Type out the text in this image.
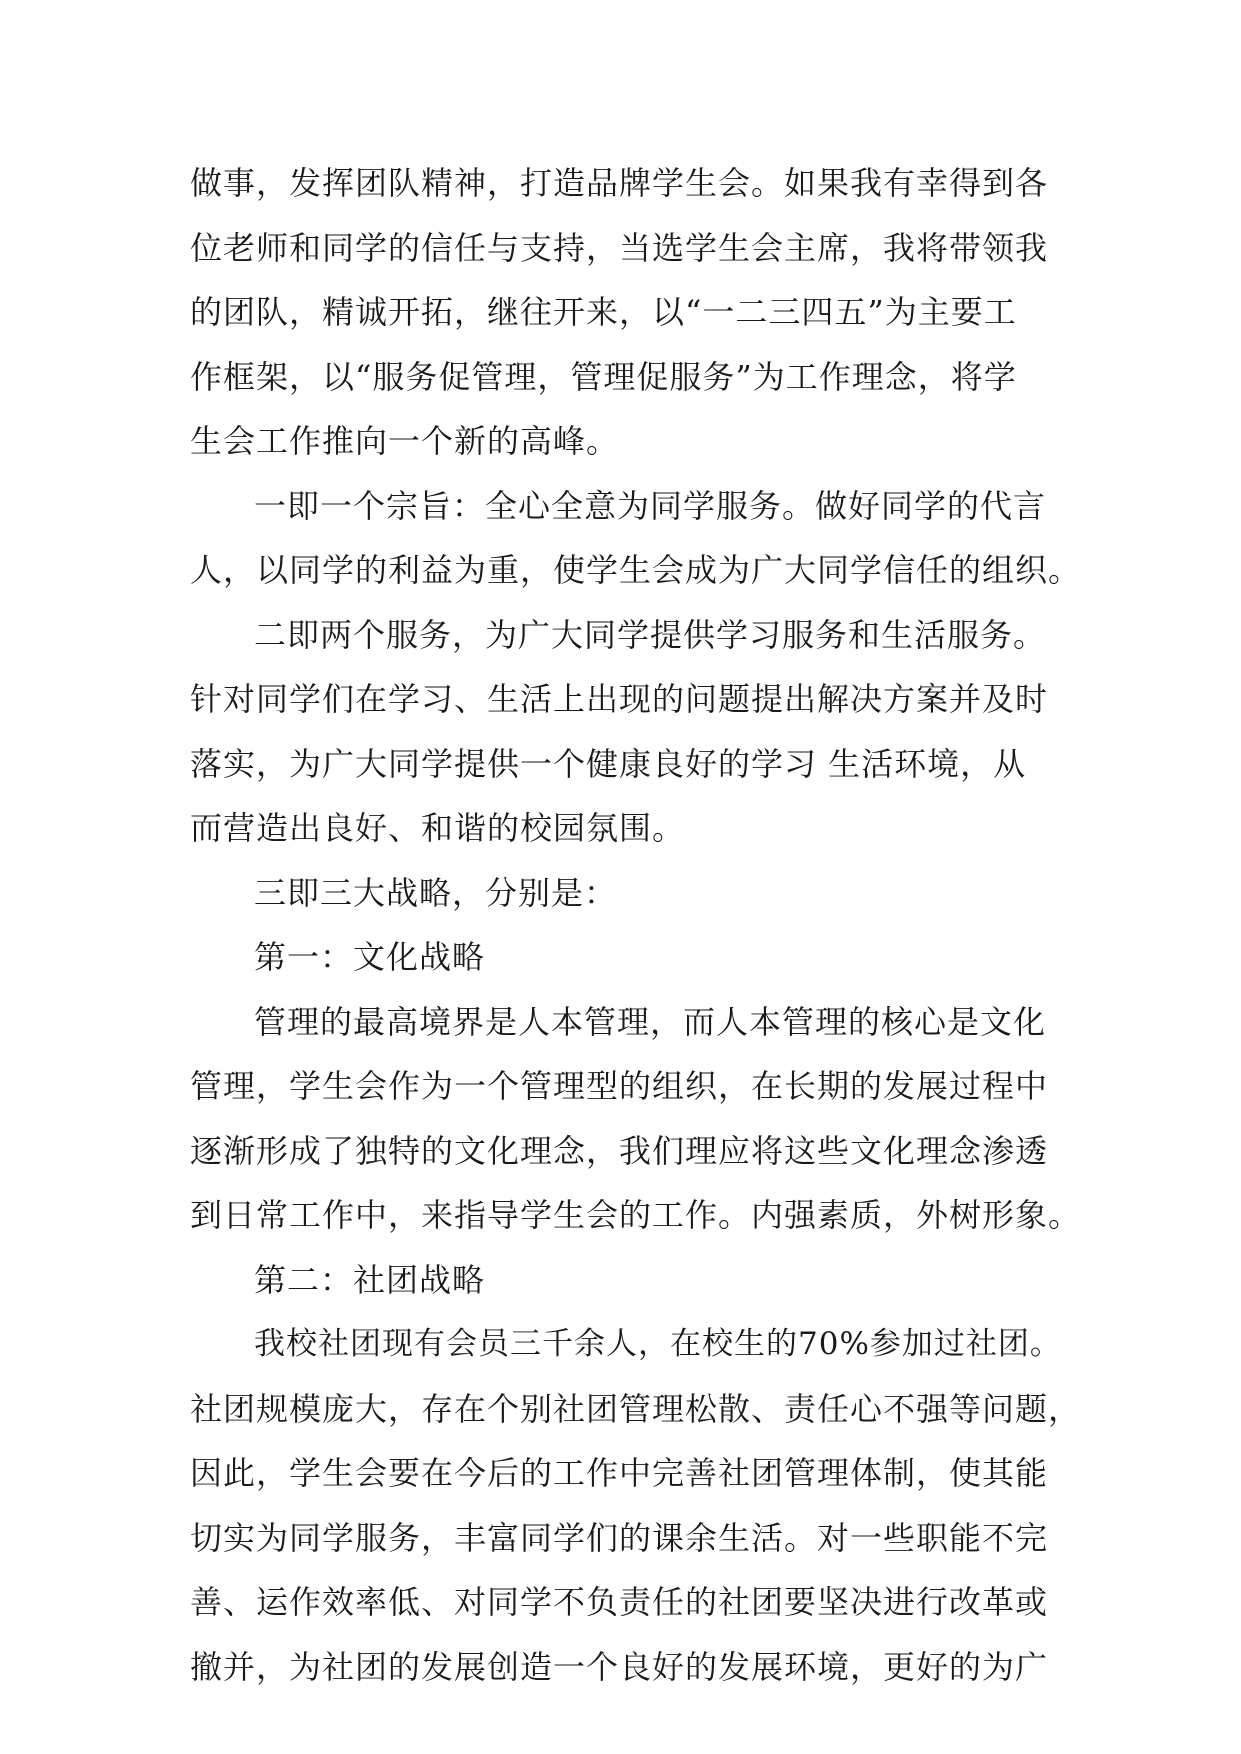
做事，发挥团队精神，打造品牌学生会。如果我有幸得到各
位老师和同学的信任与支持，当选学生会主席，我将带领我
的团队，精诚开拓，继往开来，以“一二三四五”为主要工
作框架，以“服务促管理，管理促服务”为工作理念，将学
生会工作推向一个新的高峰。
一即一个宗旨：全心全意为同学服务。做好同学的代言
人，以同学的利益为重，使学生会成为广大同学信任的组织。
二即两个服务，为广大同学提供学习服务和生活服务。
针对同学们在学习、生活上出现的问题提出解决方案并及时
落实，为广大同学提供一个健康良好的学习 生活环境，从
而营造出良好、和谐的校园氛围。
三即三大战略，分别是：
第一：文化战略
管理的最高境界是人本管理，而人本管理的核心是文化
管理，学生会作为一个管理型的组织，在长期的发展过程中
逐渐形成了独特的文化理念，我们理应将这些文化理念渗透
到日常工作中，来指导学生会的工作。内强素质，外树形象。
第二：社团战略
我校社团现有会员三千余人，在校生的70%参加过社团。
社团规模庞大，存在个别社团管理松散、责任心不强等问题，
因此，学生会要在今后的工作中完善社团管理体制，使其能
切实为同学服务，丰富同学们的课余生活。对一些职能不完
善、运作效率低、对同学不负责任的社团要坚决进行改革或
撤并，为社团的发展创造一个良好的发展环境，更好的为广
